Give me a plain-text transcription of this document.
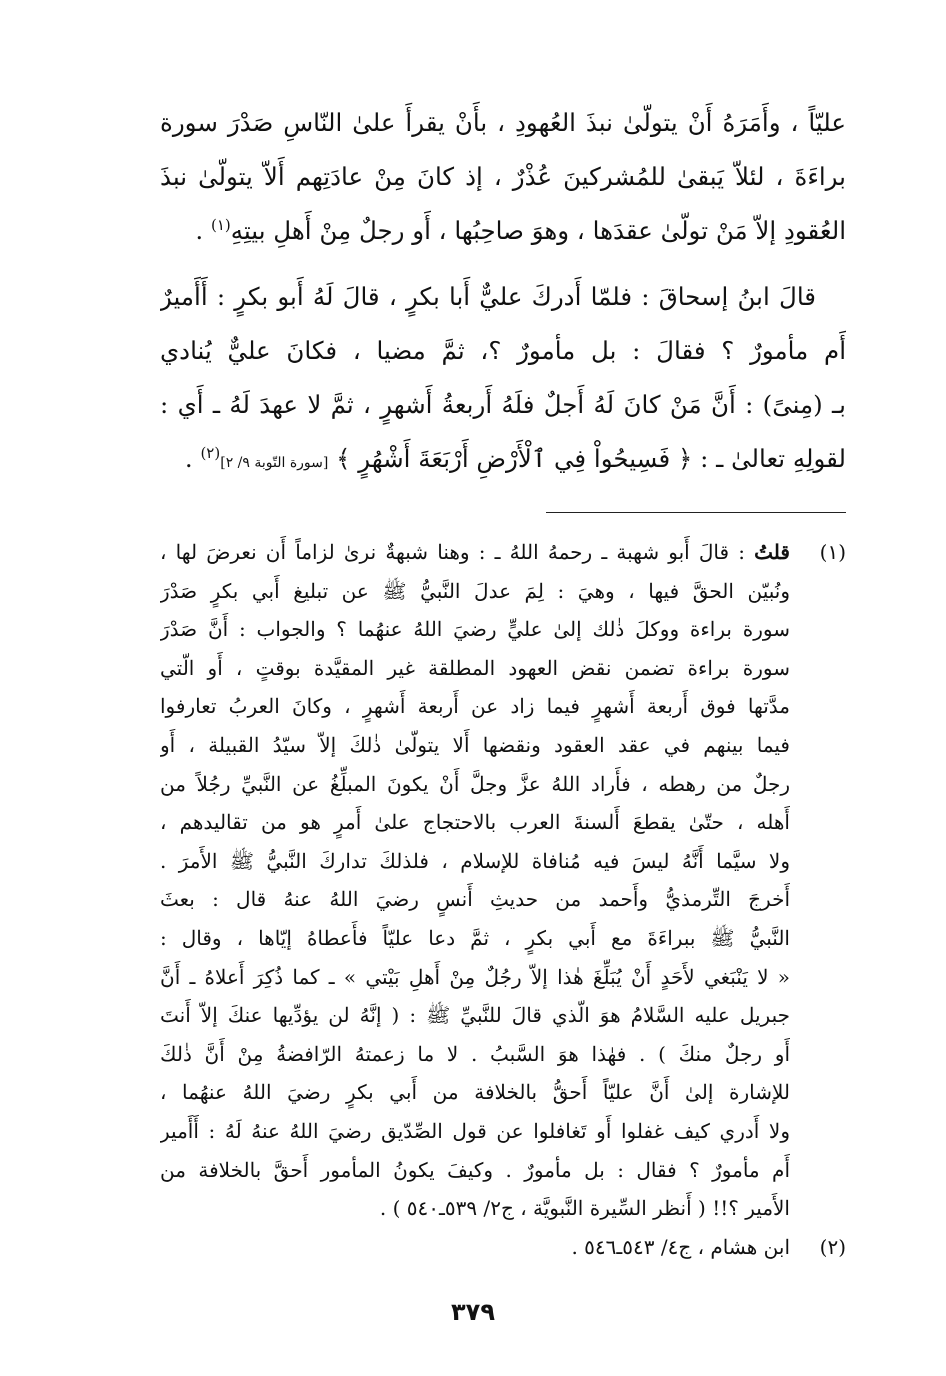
عليّاً ، وأَمَرَهُ أَنْ يتولّىٰ نبذَ العُهودِ ، بأَنْ يقرأَ علىٰ النّاسِ صَدْرَ سورة
براءَةَ ، لئلاّ يَبقىٰ للمُشركينَ عُذْرٌ ، إذ كانَ مِنْ عادَتِهم أَلاّ يتولّىٰ نبذَ
العُقودِ إلاّ مَنْ تولّىٰ عقدَها ، وهوَ صاحِبُها ، أَو رجلٌ مِنْ أَهلِ بيتِهِ$^{(١)}$ .
قالَ ابنُ إسحاقَ : فلمّا أَدركَ عليٌّ أَبا بكرٍ ، قالَ لَهُ أَبو بكرٍ : أَأَميرٌ
أَم مأمورٌ ؟ فقالَ : بل مأمورٌ ؟، ثمَّ مضيا ، فكانَ عليٌّ يُنادي
بـ (مِنىً) : أَنَّ مَنْ كانَ لَهُ أَجلٌ فلَهُ أَربعةُ أَشهرٍ ، ثمَّ لا عهدَ لَهُ ـ أَي :
لقولِهِ تعالىٰ ـ : ﴿ فَسِيحُواْ فِي ٱلْأَرْضِ أَرْبَعَةَ أَشْهُرٍ ﴾ [سورة التّوبة ٩/ ٢]$^{(٢)}$ .
(١)
قلتُ : قالَ أَبو شهبة ـ رحمهُ اللهُ ـ : وهنا شبهةٌ نرىٰ لزاماً أَن نعرضَ لها ،
ونُبيّن الحقَّ فيها ، وهيَ : لِمَ عدلَ النَّبيُّ ﷺ عن تبليغ أَبي بكرٍ صَدْرَ
سورة براءة ووكلَ ذٰلك إلىٰ عليٍّ رضيَ اللهُ عنهُما ؟ والجواب : أَنَّ صَدْرَ
سورة براءة تضمن نقض العهود المطلقة غير المقيَّدة بوقتٍ ، أَو الّتي
مدَّتها فوق أَربعة أَشهرٍ فيما زاد عن أَربعة أَشهرٍ ، وكانَ العربُ تعارفوا
فيما بينهم في عقد العقود ونقضها أَلا يتولّىٰ ذٰلكَ إلاّ سيّدُ القبيلة ، أَو
رجلٌ من رهطه ، فأَراد اللهُ عزَّ وجلَّ أَنْ يكونَ المبلِّغُ عن النَّبيِّ رجُلاً من
أَهله ، حتّىٰ يقطعَ أَلسنةَ العرب بالاحتجاج علىٰ أَمرٍ هو من تقاليدهم ،
ولا سيَّما أَنَّهُ ليسَ فيه مُنافاة للإسلام ، فلذلكَ تداركَ النَّبيُّ ﷺ الأَمرَ .
أَخرجَ التِّرمذيُّ وأَحمد من حديثِ أَنسٍ رضيَ اللهُ عنهُ قال : بعثَ
النَّبيُّ ﷺ ببراءَةَ مع أَبي بكرٍ ، ثمَّ دعا عليّاً فأَعطاهُ إيّاها ، وقال :
« لا يَنْبَغي لأَحَدٍ أَنْ يُبَلِّغَ هٰذا إلاّ رجُلٌ مِنْ أَهلِ بَيْتي » ـ كما ذُكِرَ أَعلاهُ ـ أَنَّ
جبريل عليه السَّلامُ هوَ الّذي قالَ للنَّبيِّ ﷺ : ( إنَّهُ لن يؤدِّيها عنكَ إلاّ أَنتَ
أَو رجلٌ منكَ ) . فهٰذا هوَ السَّببُ . لا ما زعمتهُ الرّافضةُ مِنْ أَنَّ ذٰلكَ
للإشارة إلىٰ أَنَّ عليّاً أَحقُّ بالخلافة من أَبي بكرٍ رضيَ اللهُ عنهُما ،
ولا أَدري كيف غفلوا أَو تَغافلوا عن قول الصِّدّيق رضيَ اللهُ عنهُ لَهُ : أَأَمير
أَم مأمورٌ ؟ فقال : بل مأمورٌ . وكيفَ يكونُ المأمور أَحقَّ بالخلافة من
الأَمير ؟!! ( أَنظر السِّيرة النَّبويَّة ، ج٢/ ٥٣٩ـ٥٤٠ ) .
(٢)
ابن هشام ، ج٤/ ٥٤٣ـ٥٤٦ .
٣٧٩
